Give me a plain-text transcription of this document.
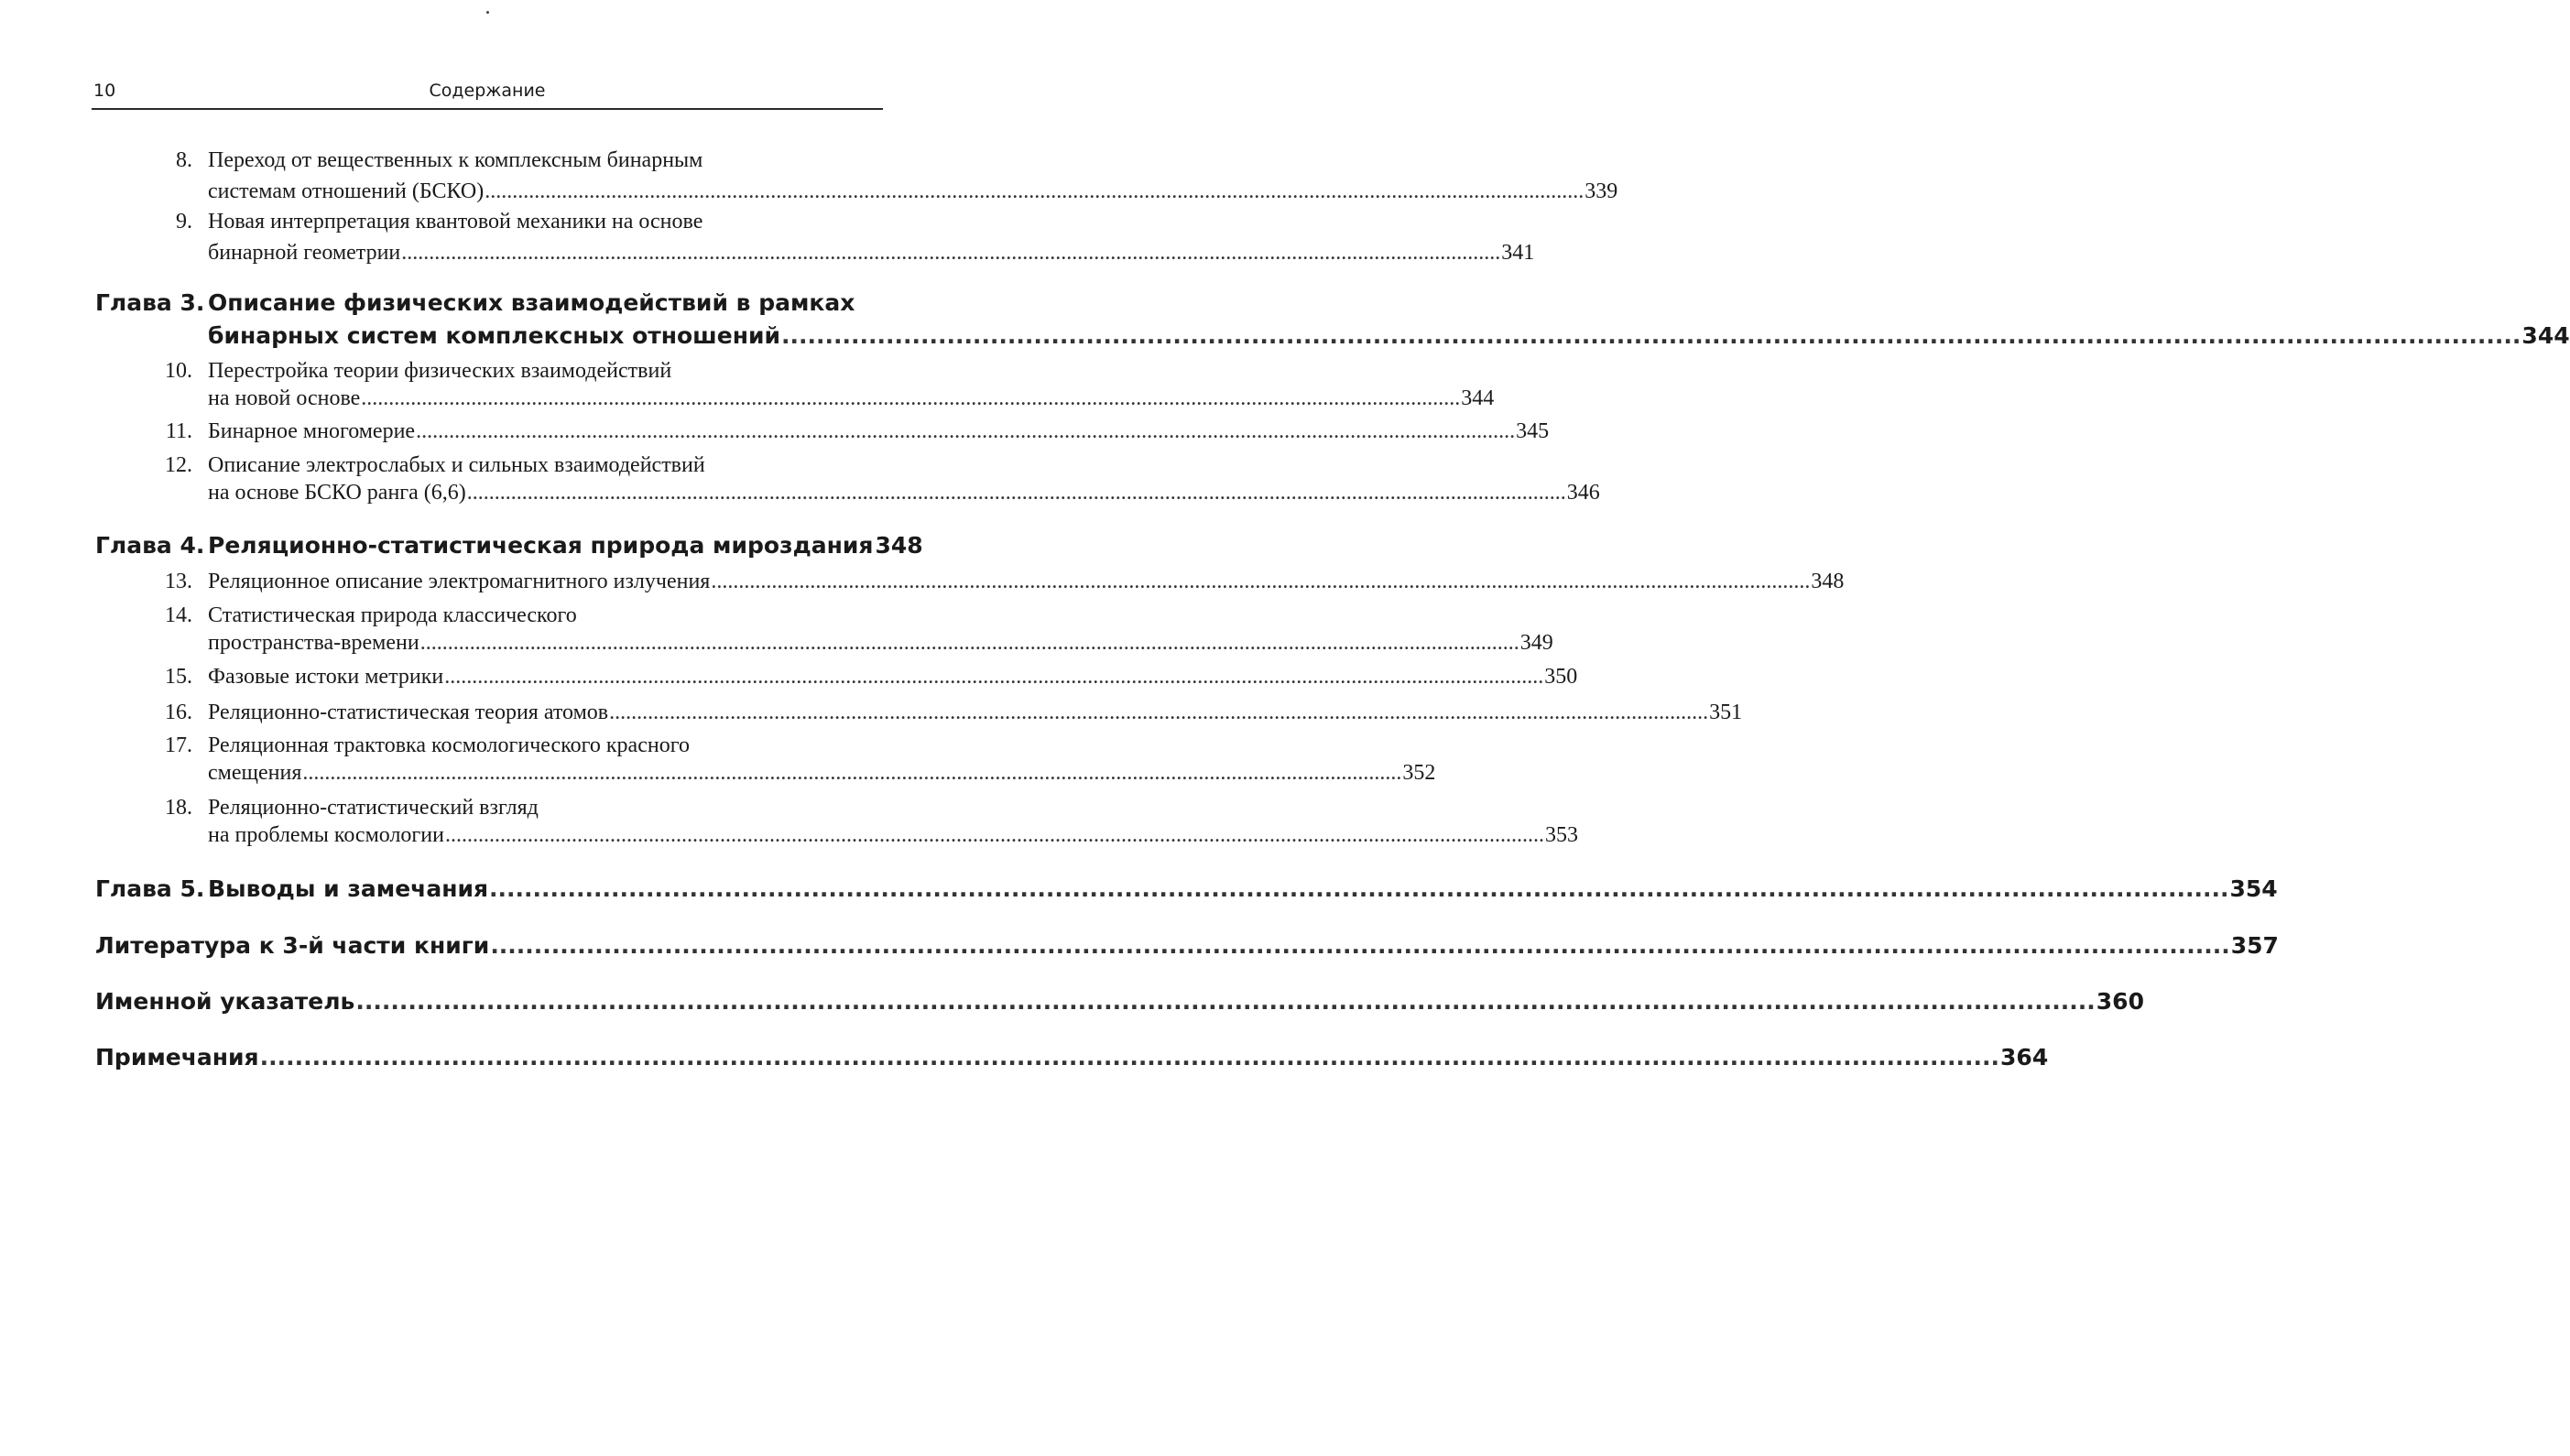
10	Содержание
8. Переход от вещественных к комплексным бинарным
системам отношений (БСКО) .....	339
9. Новая интерпретация квантовой механики на основе
бинарной геометрии .....	341
Глава 3. Описание физических взаимодействий в рамках
бинарных систем комплексных отношений .....	344
10. Перестройка теории физических взаимодействий
на новой основе .....	344
11. Бинарное многомерие .....	345
12. Описание электрослабых и сильных взаимодействий
на основе БСКО ранга (6,6) .....	346
Глава 4. Реляционно-статистическая природа мироздания 348
13. Реляционное описание электромагнитного излучения .....	348
14. Статистическая природа классического
пространства-времени .....	349
15. Фазовые истоки метрики .....	350
16. Реляционно-статистическая теория атомов .....	351
17. Реляционная трактовка космологического красного
смещения .....	352
18. Реляционно-статистический взгляд
на проблемы космологии .....	353
Глава 5. Выводы и замечания .....	354
Литература к 3-й части книги .....	357
Именной указатель .....	360
Примечания .....	364
